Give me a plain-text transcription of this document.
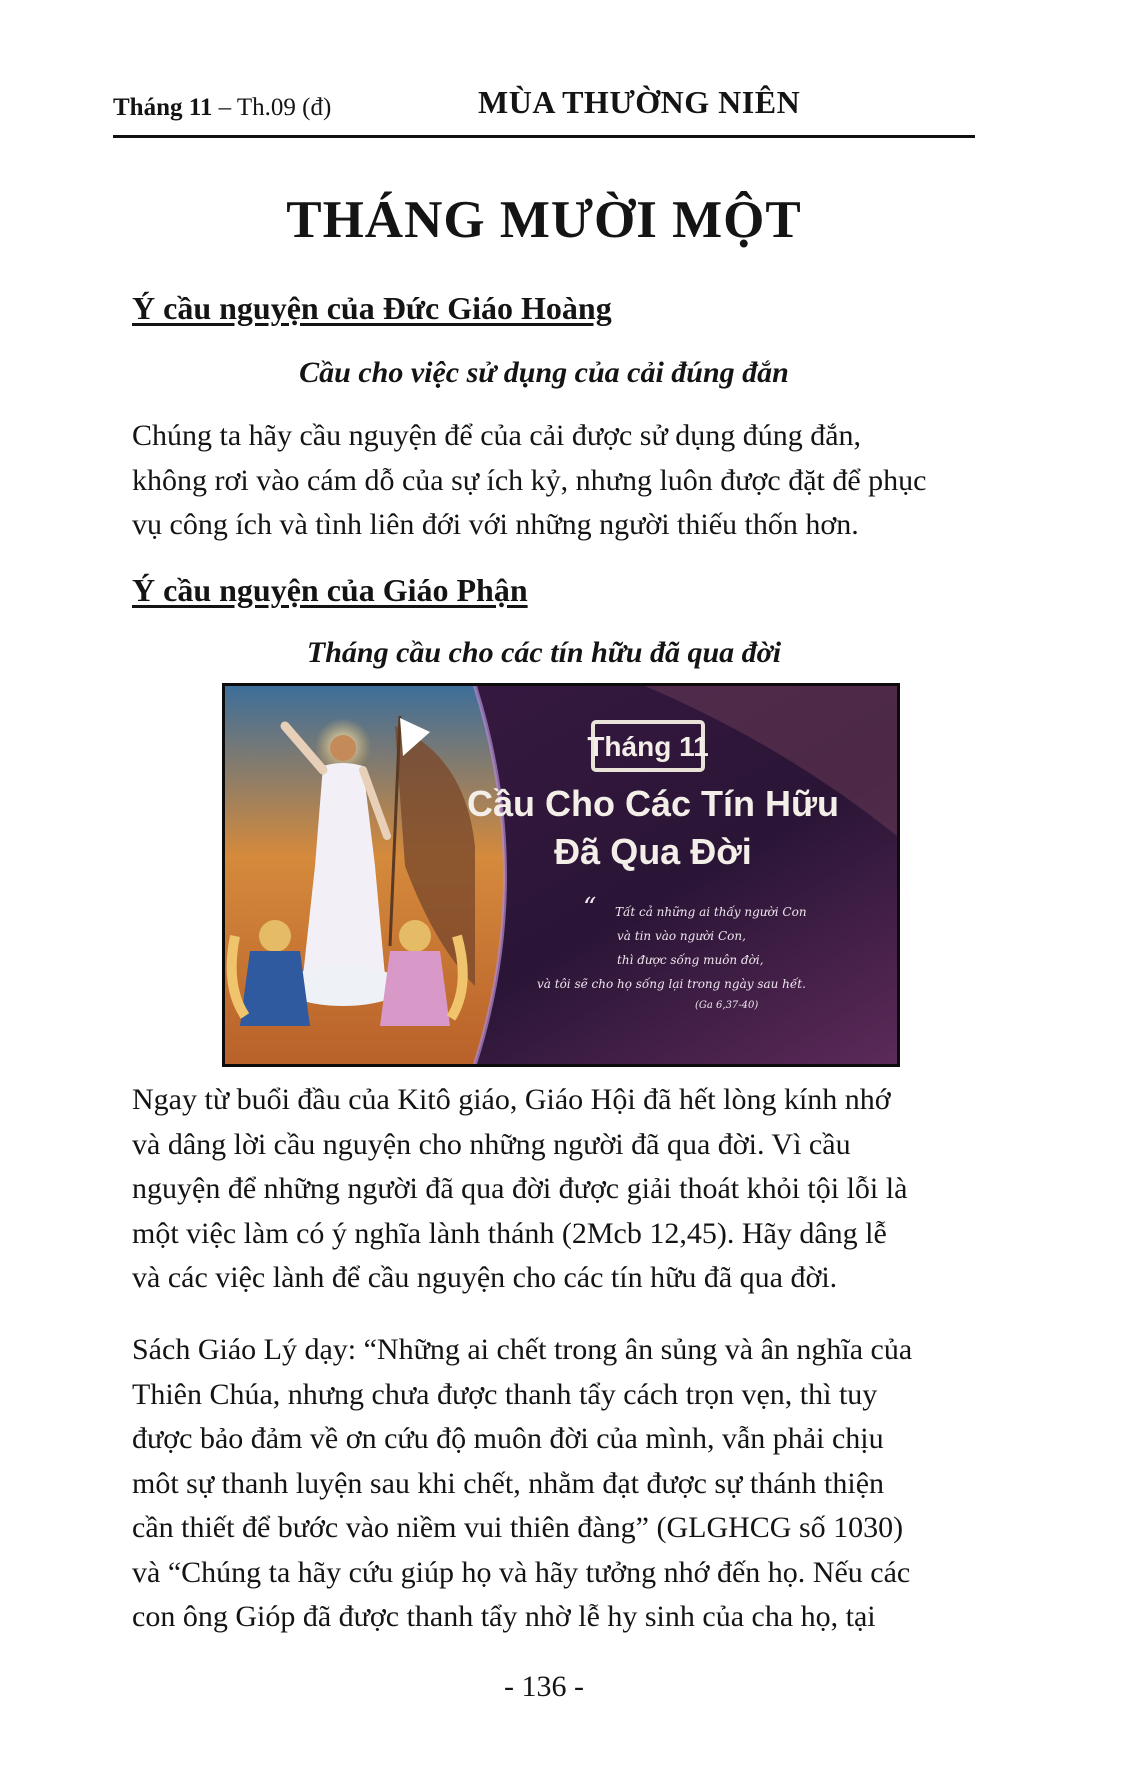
Tháng 11 – Th.09 (đ)	MÙA THƯỜNG NIÊN
THÁNG MƯỜI MỘT
Ý cầu nguyện của Đức Giáo Hoàng
Cầu cho việc sử dụng của cải đúng đắn
Chúng ta hãy cầu nguyện để của cải được sử dụng đúng đắn,
không rơi vào cám dỗ của sự ích kỷ, nhưng luôn được đặt để phục
vụ công ích và tình liên đới với những người thiếu thốn hơn.
Ý cầu nguyện của Giáo Phận
Tháng cầu cho các tín hữu đã qua đời
Tháng 11
Cầu Cho Các Tín Hữu
Đã Qua Đời
“ Tất cả những ai thấy người Con
và tin vào người Con,
thì được sống muôn đời,
và tôi sẽ cho họ sống lại trong ngày sau hết.
(Ga 6,37-40)
Ngay từ buổi đầu của Kitô giáo, Giáo Hội đã hết lòng kính nhớ
và dâng lời cầu nguyện cho những người đã qua đời. Vì cầu
nguyện để những người đã qua đời được giải thoát khỏi tội lỗi là
một việc làm có ý nghĩa lành thánh (2Mcb 12,45). Hãy dâng lễ
và các việc lành để cầu nguyện cho các tín hữu đã qua đời.
Sách Giáo Lý dạy: “Những ai chết trong ân sủng và ân nghĩa của
Thiên Chúa, nhưng chưa được thanh tẩy cách trọn vẹn, thì tuy
được bảo đảm về ơn cứu độ muôn đời của mình, vẫn phải chịu
môt sự thanh luyện sau khi chết, nhằm đạt được sự thánh thiện
cần thiết để bước vào niềm vui thiên đàng” (GLGHCG số 1030)
và “Chúng ta hãy cứu giúp họ và hãy tưởng nhớ đến họ. Nếu các
con ông Gióp đã được thanh tẩy nhờ lễ hy sinh của cha họ, tại
- 136 -
